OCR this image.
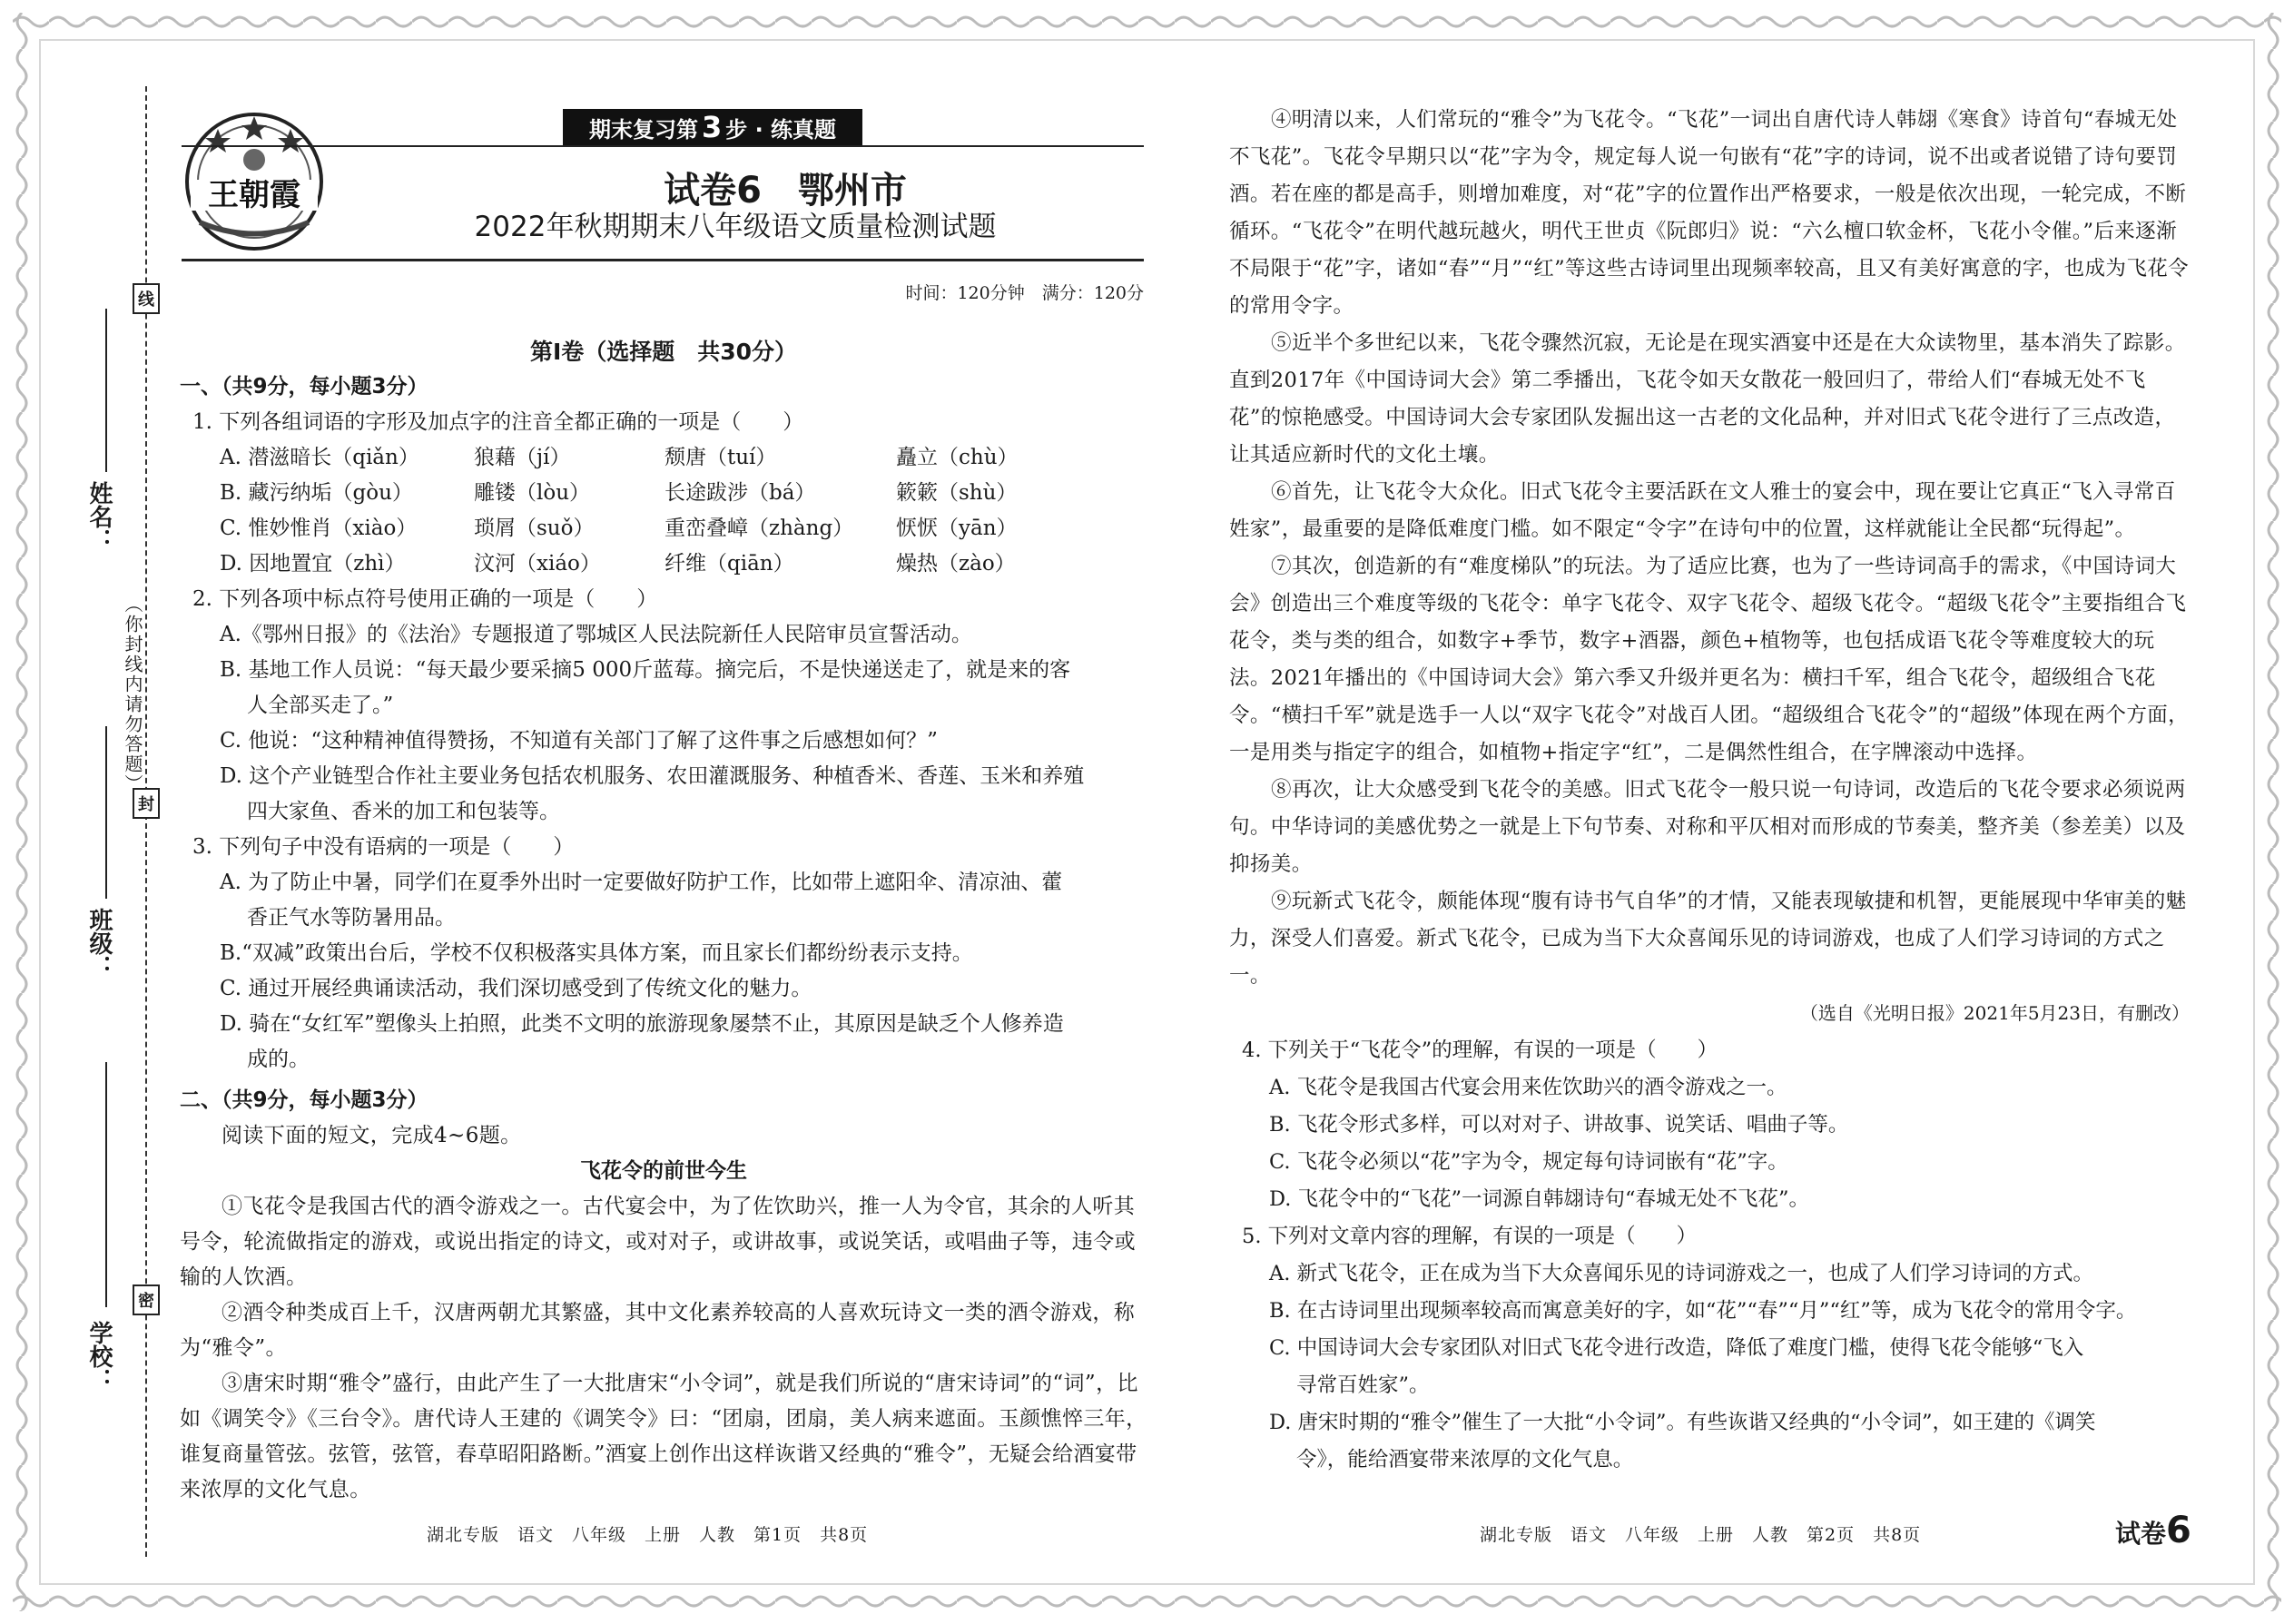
线
封
密
姓名：
班级：
学校：
（你封线内请勿答题）
王朝霞
期末复习第 3 步 · 练真题
试卷6　鄂州市
2022年秋期期末八年级语文质量检测试题
时间：120分钟　满分：120分

第Ⅰ卷（选择题　共30分）

一、（共9分，每小题3分）

1. 下列各组词语的字形及加点字的注音全都正确的一项是（　　）

A. 潜滋暗长（qiǎn）	狼藉（jí）	颓唐（tuí）	矗立（chù）
B. 藏污纳垢（gòu）	雕镂（lòu）	长途跋涉（bá）	簌簌（shù）
C. 惟妙惟肖（xiào）	琐屑（suǒ）	重峦叠嶂（zhàng）	恹恹（yān）
D. 因地置宜（zhì）	汶河（xiáo）	纤维（qiān）	燥热（zào）

2. 下列各项中标点符号使用正确的一项是（　　）

A.《鄂州日报》的《法治》专题报道了鄂城区人民法院新任人民陪审员宣誓活动。

B. 基地工作人员说：“每天最少要采摘5 000斤蓝莓。摘完后，不是快递送走了，就是来的客

人全部买走了。”

C. 他说：“这种精神值得赞扬，不知道有关部门了解了这件事之后感想如何？”

D. 这个产业链型合作社主要业务包括农机服务、农田灌溉服务、种植香米、香莲、玉米和养殖

四大家鱼、香米的加工和包装等。

3. 下列句子中没有语病的一项是（　　）

A. 为了防止中暑，同学们在夏季外出时一定要做好防护工作，比如带上遮阳伞、清凉油、藿

香正气水等防暑用品。

B.“双减”政策出台后，学校不仅积极落实具体方案，而且家长们都纷纷表示支持。

C. 通过开展经典诵读活动，我们深切感受到了传统文化的魅力。

D. 骑在“女红军”塑像头上拍照，此类不文明的旅游现象屡禁不止，其原因是缺乏个人修养造

成的。

二、（共9分，每小题3分）

阅读下面的短文，完成4~6题。

飞花令的前世今生

①飞花令是我国古代的酒令游戏之一。古代宴会中，为了佐饮助兴，推一人为令官，其余的人听其号令，轮流做指定的游戏，或说出指定的诗文，或对对子，或讲故事，或说笑话，或唱曲子等，违令或输的人饮酒。

②酒令种类成百上千，汉唐两朝尤其繁盛，其中文化素养较高的人喜欢玩诗文一类的酒令游戏，称为“雅令”。

③唐宋时期“雅令”盛行，由此产生了一大批唐宋“小令词”，就是我们所说的“唐宋诗词”的“词”，比如《调笑令》《三台令》。唐代诗人王建的《调笑令》曰：“团扇，团扇，美人病来遮面。玉颜憔悴三年，谁复商量管弦。弦管，弦管，春草昭阳路断。”酒宴上创作出这样诙谐又经典的“雅令”，无疑会给酒宴带来浓厚的文化气息。

④明清以来，人们常玩的“雅令”为飞花令。“飞花”一词出自唐代诗人韩翃《寒食》诗首句“春城无处不飞花”。飞花令早期只以“花”字为令，规定每人说一句嵌有“花”字的诗词，说不出或者说错了诗句要罚酒。若在座的都是高手，则增加难度，对“花”字的位置作出严格要求，一般是依次出现，一轮完成，不断循环。“飞花令”在明代越玩越火，明代王世贞《阮郎归》说：“六么檀口软金杯，飞花小令催。”后来逐渐不局限于“花”字，诸如“春”“月”“红”等这些古诗词里出现频率较高，且又有美好寓意的字，也成为飞花令的常用令字。

⑤近半个多世纪以来，飞花令骤然沉寂，无论是在现实酒宴中还是在大众读物里，基本消失了踪影。直到2017年《中国诗词大会》第二季播出，飞花令如天女散花一般回归了，带给人们“春城无处不飞花”的惊艳感受。中国诗词大会专家团队发掘出这一古老的文化品种，并对旧式飞花令进行了三点改造，让其适应新时代的文化土壤。

⑥首先，让飞花令大众化。旧式飞花令主要活跃在文人雅士的宴会中，现在要让它真正“飞入寻常百姓家”，最重要的是降低难度门槛。如不限定“令字”在诗句中的位置，这样就能让全民都“玩得起”。

⑦其次，创造新的有“难度梯队”的玩法。为了适应比赛，也为了一些诗词高手的需求，《中国诗词大会》创造出三个难度等级的飞花令：单字飞花令、双字飞花令、超级飞花令。“超级飞花令”主要指组合飞花令，类与类的组合，如数字+季节，数字+酒器，颜色+植物等，也包括成语飞花令等难度较大的玩法。2021年播出的《中国诗词大会》第六季又升级并更名为：横扫千军，组合飞花令，超级组合飞花令。“横扫千军”就是选手一人以“双字飞花令”对战百人团。“超级组合飞花令”的“超级”体现在两个方面，一是用类与指定字的组合，如植物+指定字“红”，二是偶然性组合，在字牌滚动中选择。

⑧再次，让大众感受到飞花令的美感。旧式飞花令一般只说一句诗词，改造后的飞花令要求必须说两句。中华诗词的美感优势之一就是上下句节奏、对称和平仄相对而形成的节奏美，整齐美（参差美）以及抑扬美。

⑨玩新式飞花令，颇能体现“腹有诗书气自华”的才情，又能表现敏捷和机智，更能展现中华审美的魅力，深受人们喜爱。新式飞花令，已成为当下大众喜闻乐见的诗词游戏，也成了人们学习诗词的方式之一。

（选自《光明日报》2021年5月23日，有删改）

4. 下列关于“飞花令”的理解，有误的一项是（　　）

A. 飞花令是我国古代宴会用来佐饮助兴的酒令游戏之一。

B. 飞花令形式多样，可以对对子、讲故事、说笑话、唱曲子等。

C. 飞花令必须以“花”字为令，规定每句诗词嵌有“花”字。

D. 飞花令中的“飞花”一词源自韩翃诗句“春城无处不飞花”。

5. 下列对文章内容的理解，有误的一项是（　　）

A. 新式飞花令，正在成为当下大众喜闻乐见的诗词游戏之一，也成了人们学习诗词的方式。

B. 在古诗词里出现频率较高而寓意美好的字，如“花”“春”“月”“红”等，成为飞花令的常用令字。

C. 中国诗词大会专家团队对旧式飞花令进行改造，降低了难度门槛，使得飞花令能够“飞入

寻常百姓家”。

D. 唐宋时期的“雅令”催生了一大批“小令词”。有些诙谐又经典的“小令词”，如王建的《调笑

令》，能给酒宴带来浓厚的文化气息。

湖北专版　语文　八年级　上册　人教　第1页　共8页	湖北专版　语文　八年级　上册　人教　第2页　共8页	试卷6
